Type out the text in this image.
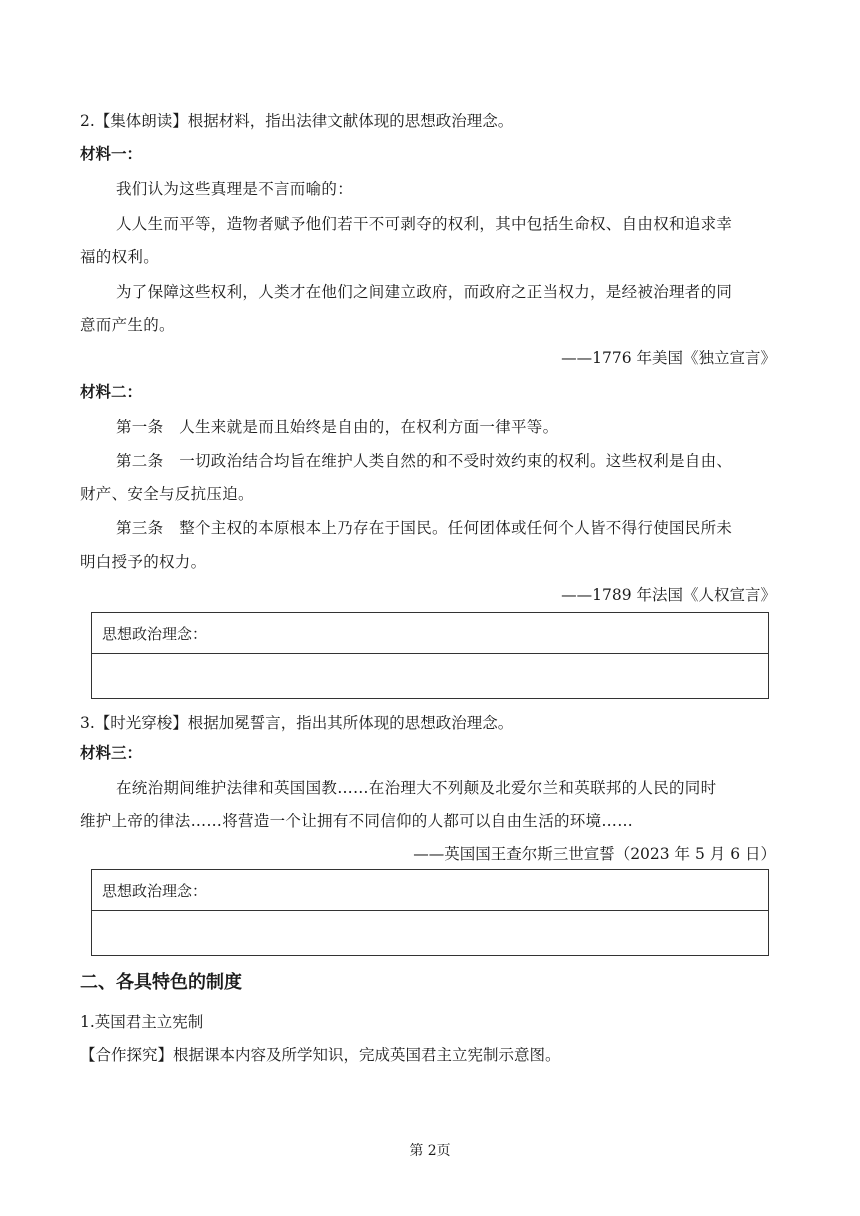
2.【集体朗读】根据材料，指出法律文献体现的思想政治理念。
材料一：
我们认为这些真理是不言而喻的：
人人生而平等，造物者赋予他们若干不可剥夺的权利，其中包括生命权、自由权和追求幸
福的权利。
为了保障这些权利，人类才在他们之间建立政府，而政府之正当权力，是经被治理者的同
意而产生的。
——1776 年美国《独立宣言》
材料二：
第一条　人生来就是而且始终是自由的，在权利方面一律平等。
第二条　一切政治结合均旨在维护人类自然的和不受时效约束的权利。这些权利是自由、
财产、安全与反抗压迫。
第三条　整个主权的本原根本上乃存在于国民。任何团体或任何个人皆不得行使国民所未
明白授予的权力。
——1789 年法国《人权宣言》
思想政治理念：
3.【时光穿梭】根据加冕誓言，指出其所体现的思想政治理念。
材料三：
在统治期间维护法律和英国国教……在治理大不列颠及北爱尔兰和英联邦的人民的同时
维护上帝的律法……将营造一个让拥有不同信仰的人都可以自由生活的环境……
——英国国王查尔斯三世宣誓（2023 年 5 月 6 日）
思想政治理念：
二、各具特色的制度
1.英国君主立宪制
【合作探究】根据课本内容及所学知识，完成英国君主立宪制示意图。
第 2页
